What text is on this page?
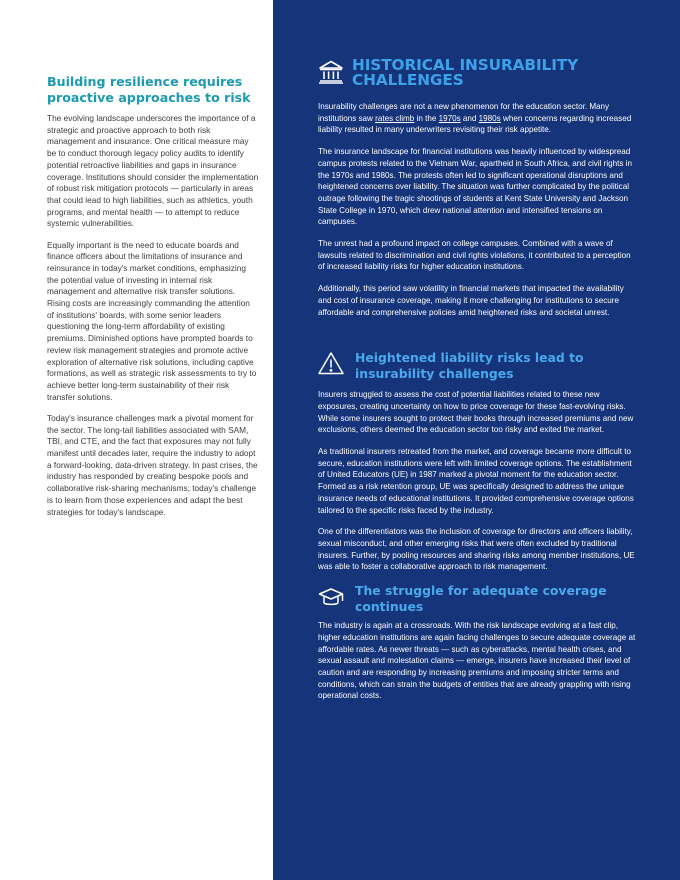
Building resilience requires proactive approaches to risk

The evolving landscape underscores the importance of a strategic and proactive approach to both risk management and insurance. One critical measure may be to conduct thorough legacy policy audits to identify potential retroactive liabilities and gaps in insurance coverage. Institutions should consider the implementation of robust risk mitigation protocols — particularly in areas that could lead to high liabilities, such as athletics, youth programs, and mental health — to attempt to reduce systemic vulnerabilities.

Equally important is the need to educate boards and finance officers about the limitations of insurance and reinsurance in today's market conditions, emphasizing the potential value of investing in internal risk management and alternative risk transfer solutions. Rising costs are increasingly commanding the attention of institutions' boards, with some senior leaders questioning the long-term affordability of existing premiums. Diminished options have prompted boards to review risk management strategies and promote active exploration of alternative risk solutions, including captive formations, as well as strategic risk assessments to try to achieve better long-term sustainability of their risk transfer solutions.

Today's insurance challenges mark a pivotal moment for the sector. The long-tail liabilities associated with SAM, TBI, and CTE, and the fact that exposures may not fully manifest until decades later, require the industry to adopt a forward-looking, data-driven strategy. In past crises, the industry has responded by creating bespoke pools and collaborative risk-sharing mechanisms; today's challenge is to learn from those experiences and adapt the best strategies for today's landscape.

HISTORICAL INSURABILITY
CHALLENGES

Insurability challenges are not a new phenomenon for the education sector. Many institutions saw rates climb in the 1970s and 1980s when concerns regarding increased liability resulted in many underwriters revisiting their risk appetite.

The insurance landscape for financial institutions was heavily influenced by widespread campus protests related to the Vietnam War, apartheid in South Africa, and civil rights in the 1970s and 1980s. The protests often led to significant operational disruptions and heightened concerns over liability. The situation was further complicated by the political outrage following the tragic shootings of students at Kent State University and Jackson State College in 1970, which drew national attention and intensified tensions on campuses.

The unrest had a profound impact on college campuses. Combined with a wave of lawsuits related to discrimination and civil rights violations, it contributed to a perception of increased liability risks for higher education institutions.

Additionally, this period saw volatility in financial markets that impacted the availability and cost of insurance coverage, making it more challenging for institutions to secure affordable and comprehensive policies amid heightened risks and societal unrest.

Heightened liability risks lead to
insurability challenges

Insurers struggled to assess the cost of potential liabilities related to these new exposures, creating uncertainty on how to price coverage for these fast-evolving risks. While some insurers sought to protect their books through increased premiums and new exclusions, others deemed the education sector too risky and exited the market.

As traditional insurers retreated from the market, and coverage became more difficult to secure, education institutions were left with limited coverage options. The establishment of United Educators (UE) in 1987 marked a pivotal moment for the education sector. Formed as a risk retention group, UE was specifically designed to address the unique insurance needs of educational institutions. It provided comprehensive coverage options tailored to the specific risks faced by the industry.

One of the differentiators was the inclusion of coverage for directors and officers liability, sexual misconduct, and other emerging risks that were often excluded by traditional insurers. Further, by pooling resources and sharing risks among member institutions, UE was able to foster a collaborative approach to risk management.

The struggle for adequate coverage
continues

The industry is again at a crossroads. With the risk landscape evolving at a fast clip, higher education institutions are again facing challenges to secure adequate coverage at affordable rates. As newer threats — such as cyberattacks, mental health crises, and sexual assault and molestation claims — emerge, insurers have increased their level of caution and are responding by increasing premiums and imposing stricter terms and conditions, which can strain the budgets of entities that are already grappling with rising operational costs.
